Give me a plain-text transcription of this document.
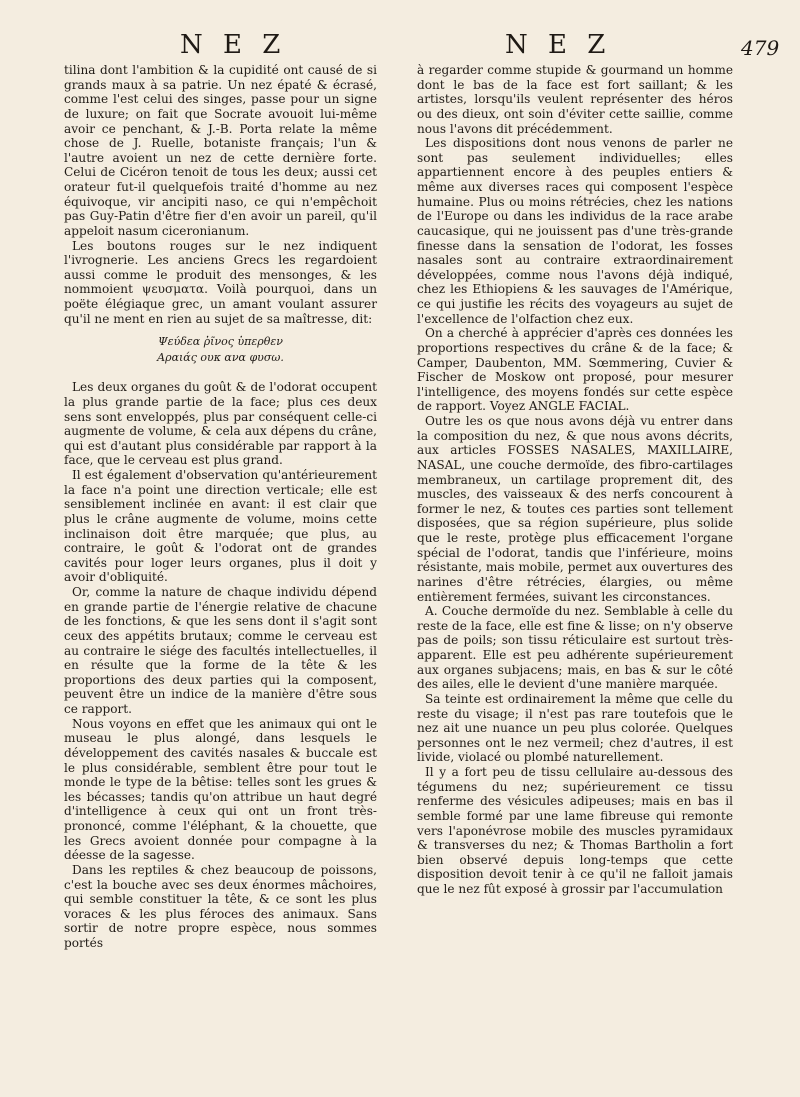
N E Z	N E Z	479

tilina dont l'ambition & la cupidité ont causé de si grands maux à sa patrie. Un nez épaté & écrasé, comme l'est celui des singes, passe pour un signe de luxure; on fait que Socrate avouoit lui-même avoir ce penchant, & J.-B. Porta relate la même chose de J. Ruelle, botaniste français; l'un & l'autre avoient un nez de cette dernière forte. Celui de Cicéron tenoit de tous les deux; aussi cet orateur fut-il quelquefois traité d'homme au nez équivoque, vir ancipiti naso, ce qui n'empêchoit pas Guy-Patin d'être fier d'en avoir un pareil, qu'il appeloit nasum ciceronianum.

Les boutons rouges sur le nez indiquent l'ivrognerie. Les anciens Grecs les regardoient aussi comme le produit des mensonges, & les nommoient ψευσματα. Voilà pourquoi, dans un poëte élégiaque grec, un amant voulant assurer qu'il ne ment en rien au sujet de sa maîtresse, dit:

Ψεύδεα ῥῖνος ὑπερθεν
Αραιάς ουκ ανα φυσω.

Les deux organes du goût & de l'odorat occupent la plus grande partie de la face; plus ces deux sens sont enveloppés, plus par conséquent celle-ci augmente de volume, & cela aux dépens du crâne, qui est d'autant plus considérable par rapport à la face, que le cerveau est plus grand.

Il est également d'observation qu'antérieurement la face n'a point une direction verticale; elle est sensiblement inclinée en avant: il est clair que plus le crâne augmente de volume, moins cette inclinaison doit être marquée; que plus, au contraire, le goût & l'odorat ont de grandes cavités pour loger leurs organes, plus il doit y avoir d'obliquité.

Or, comme la nature de chaque individu dépend en grande partie de l'énergie relative de chacune de les fonctions, & que les sens dont il s'agit sont ceux des appétits brutaux; comme le cerveau est au contraire le siége des facultés intellectuelles, il en résulte que la forme de la tête & les proportions des deux parties qui la composent, peuvent être un indice de la manière d'être sous ce rapport.

Nous voyons en effet que les animaux qui ont le museau le plus alongé, dans lesquels le développement des cavités nasales & buccale est le plus considérable, semblent être pour tout le monde le type de la bêtise: telles sont les grues & les bécasses; tandis qu'on attribue un haut degré d'intelligence à ceux qui ont un front très-prononcé, comme l'éléphant, & la chouette, que les Grecs avoient donnée pour compagne à la déesse de la sagesse.

Dans les reptiles & chez beaucoup de poissons, c'est la bouche avec ses deux énormes mâchoires, qui semble constituer la tête, & ce sont les plus voraces & les plus féroces des animaux. Sans sortir de notre propre espèce, nous sommes portés

à regarder comme stupide & gourmand un homme dont le bas de la face est fort saillant; & les artistes, lorsqu'ils veulent représenter des héros ou des dieux, ont soin d'éviter cette saillie, comme nous l'avons dit précédemment.

Les dispositions dont nous venons de parler ne sont pas seulement individuelles; elles appartiennent encore à des peuples entiers & même aux diverses races qui composent l'espèce humaine. Plus ou moins rétrécies, chez les nations de l'Europe ou dans les individus de la race arabe caucasique, qui ne jouissent pas d'une très-grande finesse dans la sensation de l'odorat, les fosses nasales sont au contraire extraordinairement développées, comme nous l'avons déjà indiqué, chez les Ethiopiens & les sauvages de l'Amérique, ce qui justifie les récits des voyageurs au sujet de l'excellence de l'olfaction chez eux.

On a cherché à apprécier d'après ces données les proportions respectives du crâne & de la face; & Camper, Daubenton, MM. Sœmmering, Cuvier & Fischer de Moskow ont proposé, pour mesurer l'intelligence, des moyens fondés sur cette espèce de rapport. Voyez ANGLE FACIAL.

Outre les os que nous avons déjà vu entrer dans la composition du nez, & que nous avons décrits, aux articles FOSSES NASALES, MAXILLAIRE, NASAL, une couche dermoïde, des fibro-cartilages membraneux, un cartilage proprement dit, des muscles, des vaisseaux & des nerfs concourent à former le nez, & toutes ces parties sont tellement disposées, que sa région supérieure, plus solide que le reste, protège plus efficacement l'organe spécial de l'odorat, tandis que l'inférieure, moins résistante, mais mobile, permet aux ouvertures des narines d'être rétrécies, élargies, ou même entièrement fermées, suivant les circonstances.

A. Couche dermoïde du nez. Semblable à celle du reste de la face, elle est fine & lisse; on n'y observe pas de poils; son tissu réticulaire est surtout très-apparent. Elle est peu adhérente supérieurement aux organes subjacens; mais, en bas & sur le côté des ailes, elle le devient d'une manière marquée.

Sa teinte est ordinairement la même que celle du reste du visage; il n'est pas rare toutefois que le nez ait une nuance un peu plus colorée. Quelques personnes ont le nez vermeil; chez d'autres, il est livide, violacé ou plombé naturellement.

Il y a fort peu de tissu cellulaire au-dessous des tégumens du nez; supérieurement ce tissu renferme des vésicules adipeuses; mais en bas il semble formé par une lame fibreuse qui remonte vers l'aponévrose mobile des muscles pyramidaux & transverses du nez; & Thomas Bartholin a fort bien observé depuis long-temps que cette disposition devoit tenir à ce qu'il ne falloit jamais que le nez fût exposé à grossir par l'accumulation
